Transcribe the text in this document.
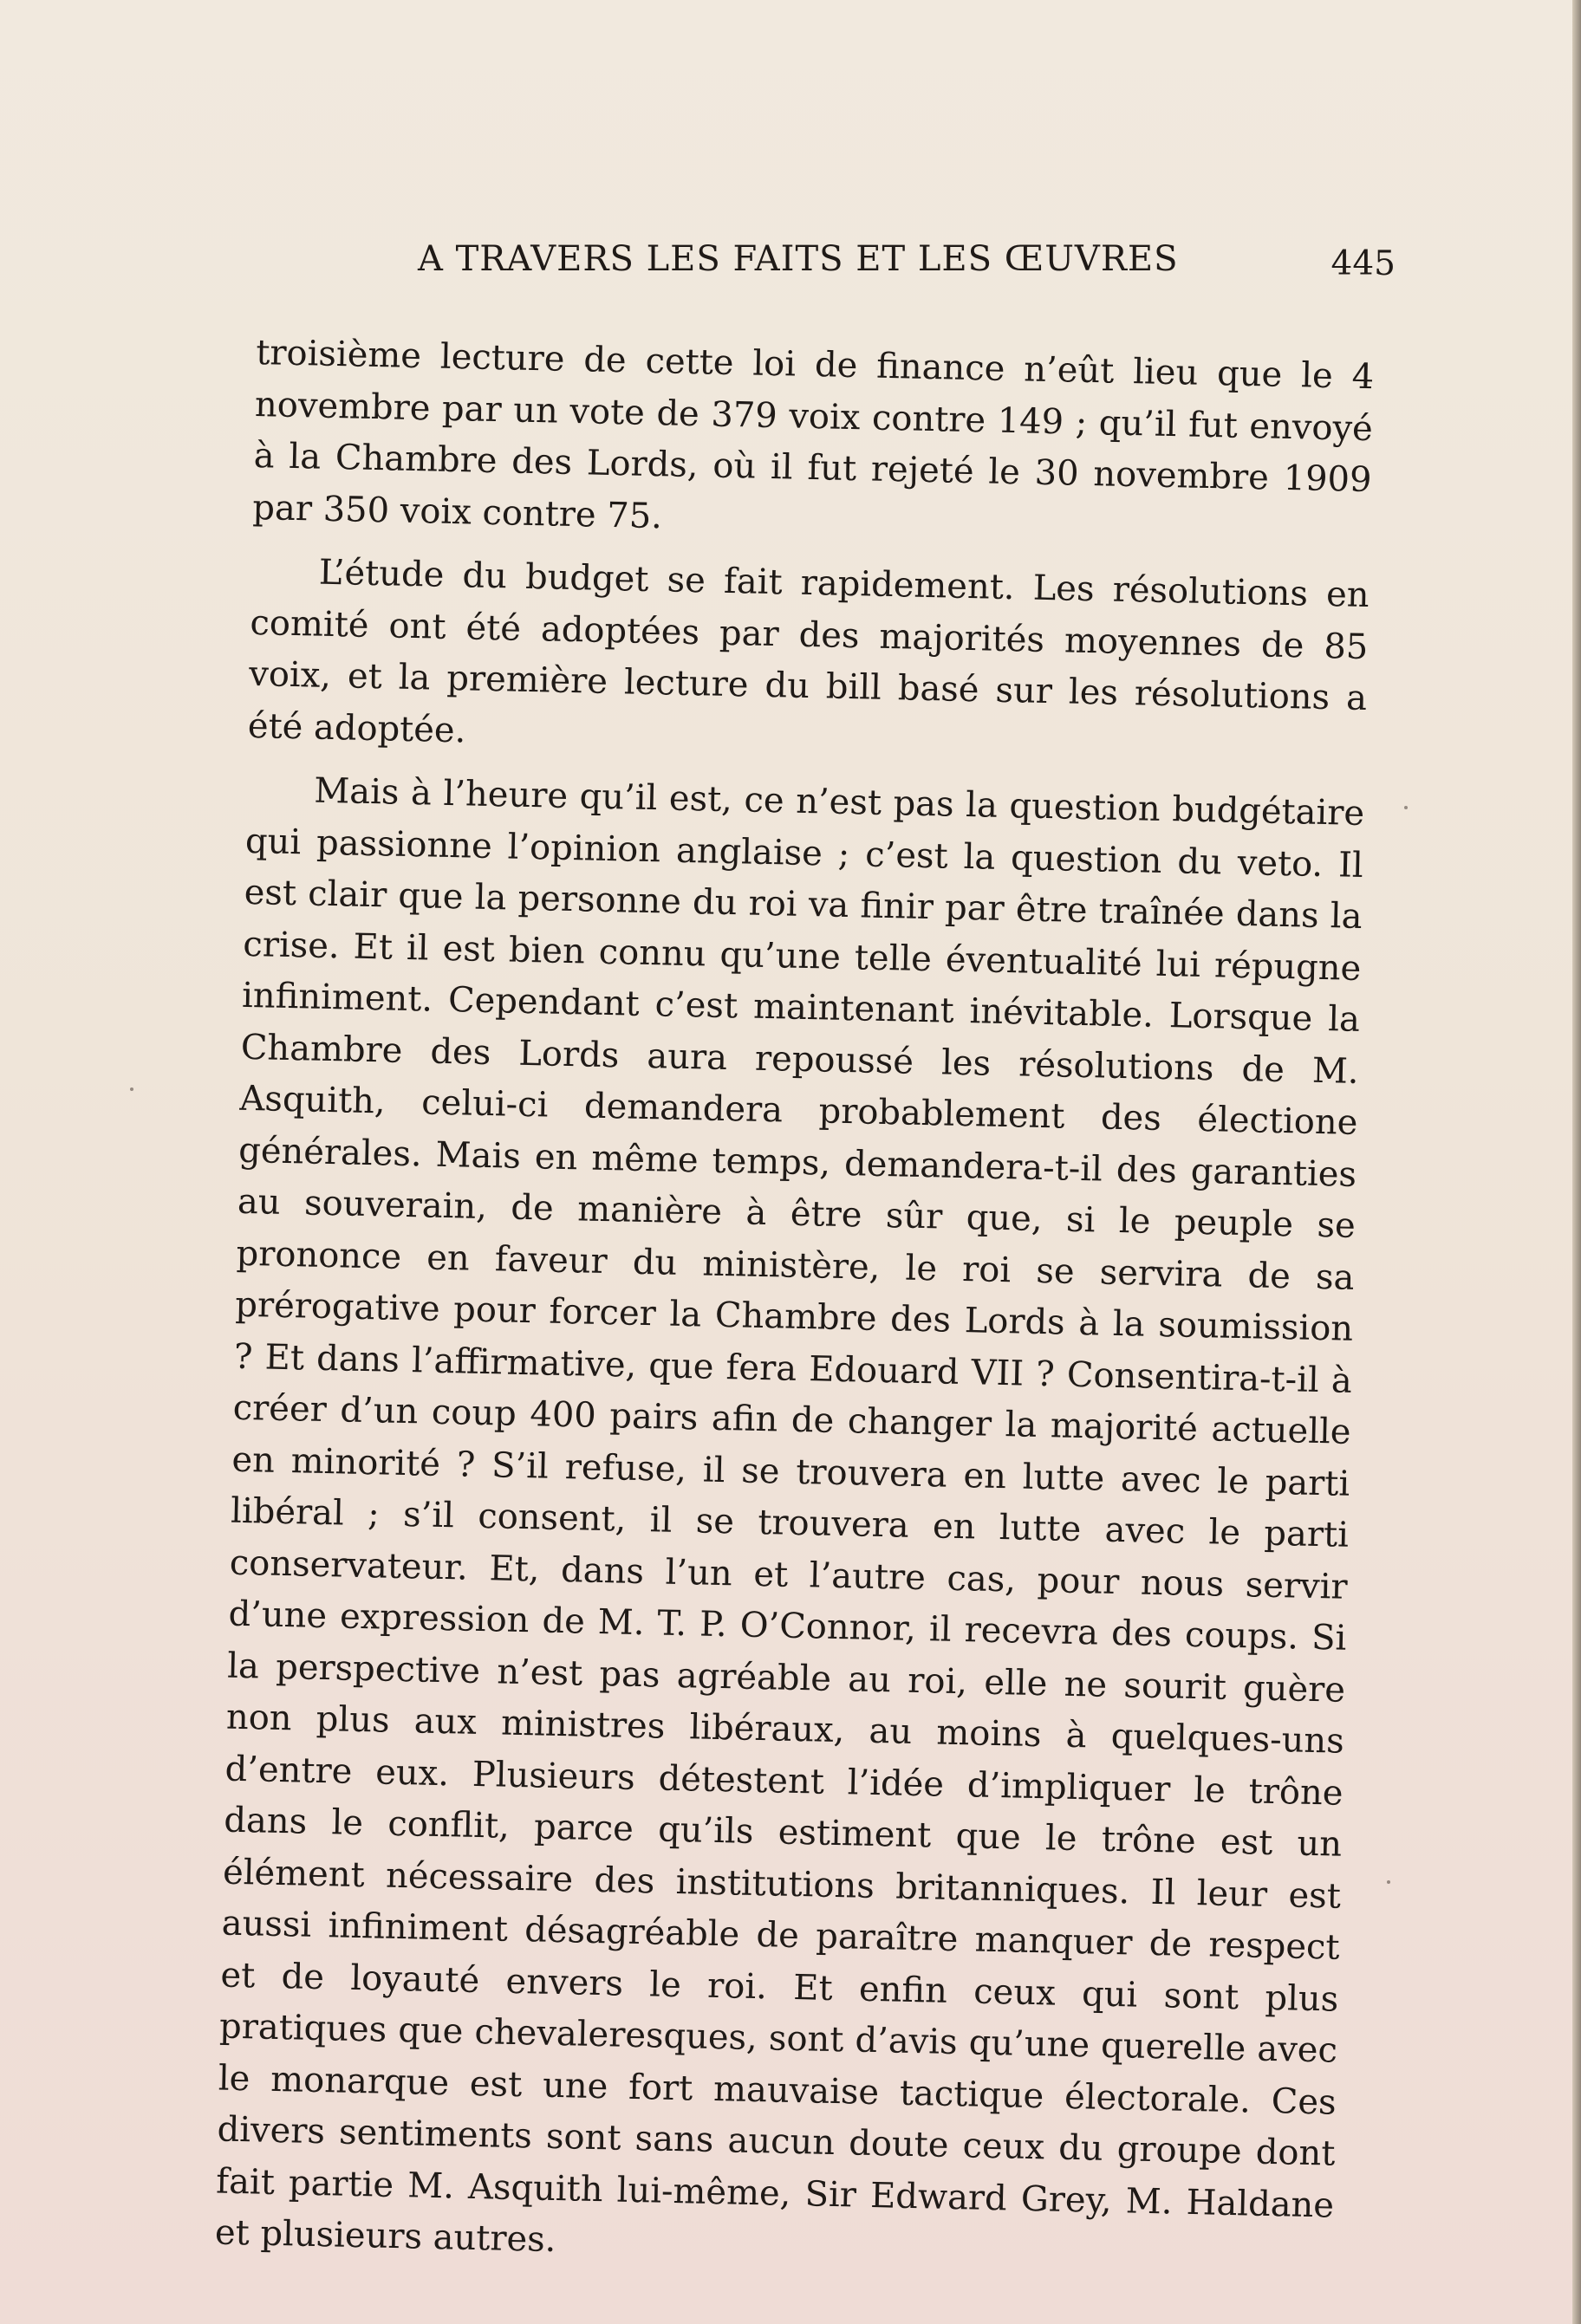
A TRAVERS LES FAITS ET LES ŒUVRES	445

troisième lecture de cette loi de finance n’eût lieu que le 4 novembre par un vote de 379 voix contre 149 ; qu’il fut envoyé à la Chambre des Lords, où il fut rejeté le 30 novembre 1909 par 350 voix contre 75.

L’étude du budget se fait rapidement. Les résolutions en comité ont été adoptées par des majorités moyennes de 85 voix, et la première lecture du bill basé sur les résolutions a été adoptée.

Mais à l’heure qu’il est, ce n’est pas la question budgétaire qui passionne l’opinion anglaise ; c’est la question du veto. Il est clair que la personne du roi va finir par être traînée dans la crise. Et il est bien connu qu’une telle éventualité lui répugne infiniment. Cependant c’est maintenant inévitable. Lorsque la Chambre des Lords aura repoussé les résolutions de M. Asquith, celui-ci demandera probablement des électione générales. Mais en même temps, demandera-t-il des garanties au souverain, de manière à être sûr que, si le peuple se prononce en faveur du ministère, le roi se servira de sa prérogative pour forcer la Chambre des Lords à la soumission ? Et dans l’affirmative, que fera Edouard VII ? Consentira-t-il à créer d’un coup 400 pairs afin de changer la majorité actuelle en minorité ? S’il refuse, il se trouvera en lutte avec le parti libéral ; s’il consent, il se trouvera en lutte avec le parti conservateur. Et, dans l’un et l’autre cas, pour nous servir d’une expression de M. T. P. O’Connor, il recevra des coups. Si la perspective n’est pas agréable au roi, elle ne sourit guère non plus aux ministres libéraux, au moins à quelques-uns d’entre eux. Plusieurs détestent l’idée d’impliquer le trône dans le conflit, parce qu’ils estiment que le trône est un élément nécessaire des institutions britanniques. Il leur est aussi infiniment désagréable de paraître manquer de respect et de loyauté envers le roi. Et enfin ceux qui sont plus pratiques que chevaleresques, sont d’avis qu’une querelle avec le monarque est une fort mauvaise tactique électorale. Ces divers sentiments sont sans aucun doute ceux du groupe dont fait partie M. Asquith lui-même, Sir Edward Grey, M. Haldane et plusieurs autres.
